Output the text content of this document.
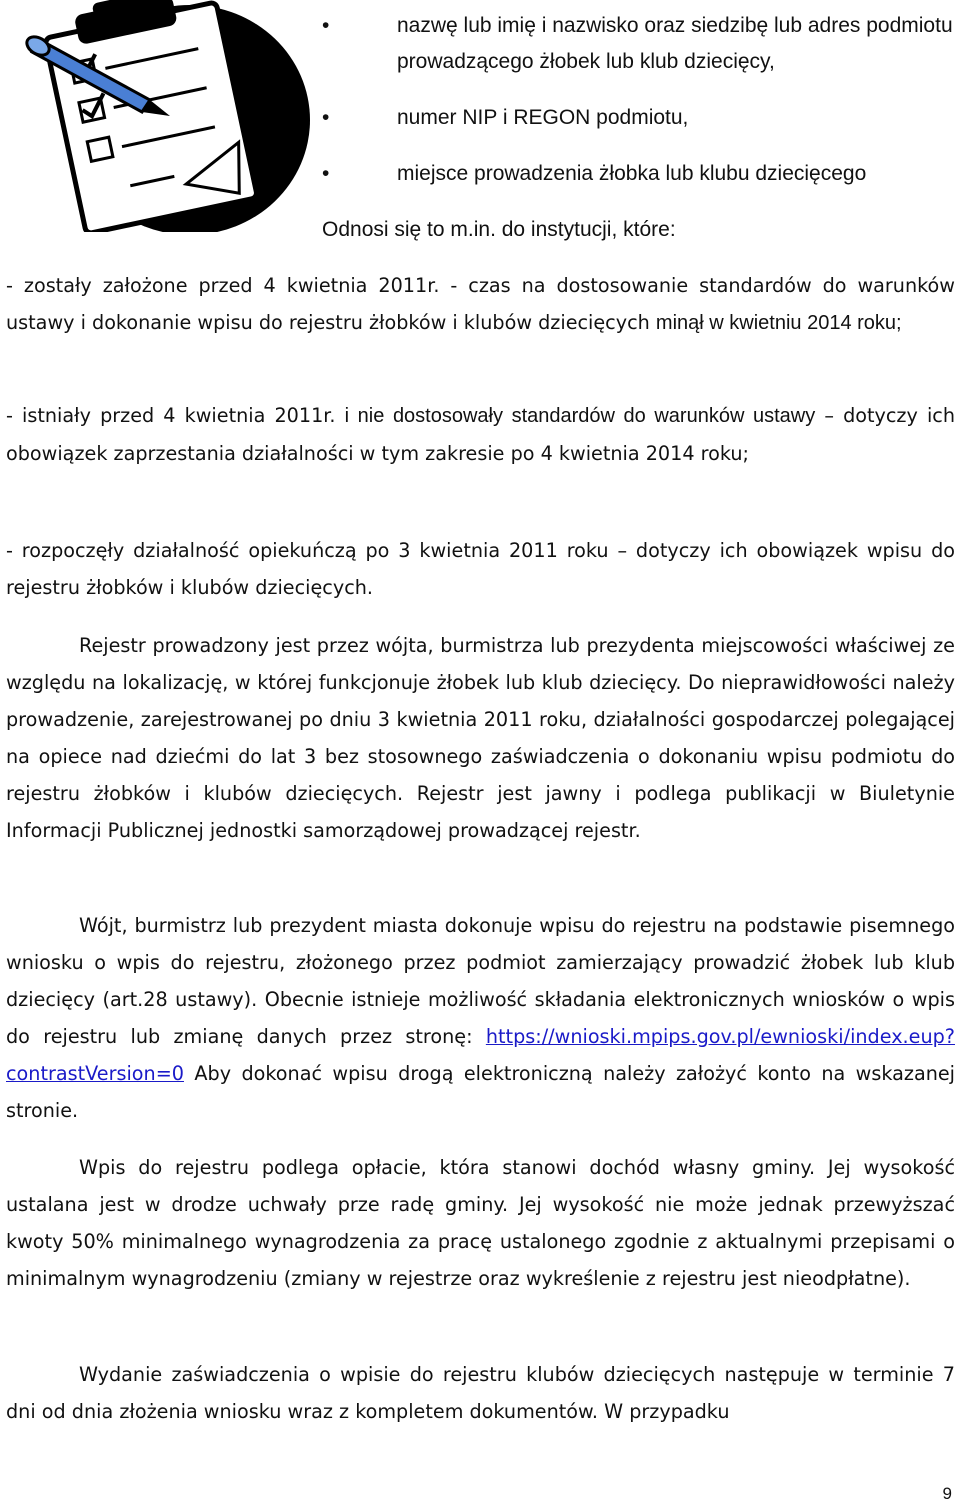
•	nazwę lub imię i nazwisko oraz siedzibę lub adres podmiotu prowadzącego żłobek lub klub dziecięcy,
•	numer NIP i REGON podmiotu,
•	miejsce prowadzenia żłobka lub klubu dziecięcego

Odnosi się to m.in. do instytucji, które:

- zostały założone przed 4 kwietnia 2011r. - czas na dostosowanie standardów do warunków ustawy i dokonanie wpisu do rejestru żłobków i klubów dziecięcych minął w kwietniu 2014 roku;

- istniały przed 4 kwietnia 2011r. i nie dostosowały standardów do warunków ustawy – dotyczy ich obowiązek zaprzestania działalności w tym zakresie po 4 kwietnia 2014 roku;

- rozpoczęły działalność opiekuńczą po 3 kwietnia 2011 roku – dotyczy ich obowiązek wpisu do rejestru żłobków i klubów dziecięcych.

Rejestr prowadzony jest przez wójta, burmistrza lub prezydenta miejscowości właściwej ze względu na lokalizację, w której funkcjonuje żłobek lub klub dziecięcy. Do nieprawidłowości należy prowadzenie, zarejestrowanej po dniu 3 kwietnia 2011 roku, działalności gospodarczej polegającej na opiece nad dziećmi do lat 3 bez stosownego zaświadczenia o dokonaniu wpisu podmiotu do rejestru żłobków i klubów dziecięcych. Rejestr jest jawny i podlega publikacji w Biuletynie Informacji Publicznej jednostki samorządowej prowadzącej rejestr.

Wójt, burmistrz lub prezydent miasta dokonuje wpisu do rejestru na podstawie pisemnego wniosku o wpis do rejestru, złożonego przez podmiot zamierzający prowadzić żłobek lub klub dziecięcy (art.28 ustawy). Obecnie istnieje możliwość składania elektronicznych wniosków o wpis do rejestru lub zmianę danych przez stronę: https://wnioski.mpips.gov.pl/ewnioski/index.eup?contrastVersion=0 Aby dokonać wpisu drogą elektroniczną należy założyć konto na wskazanej stronie.

Wpis do rejestru podlega opłacie, która stanowi dochód własny gminy. Jej wysokość ustalana jest w drodze uchwały prze radę gminy. Jej wysokość nie może jednak przewyższać kwoty 50% minimalnego wynagrodzenia za pracę ustalonego zgodnie z aktualnymi przepisami o minimalnym wynagrodzeniu (zmiany w rejestrze oraz wykreślenie z rejestru jest nieodpłatne).

Wydanie zaświadczenia o wpisie do rejestru klubów dziecięcych następuje w terminie 7 dni od dnia złożenia wniosku wraz z kompletem dokumentów. W przypadku

9
